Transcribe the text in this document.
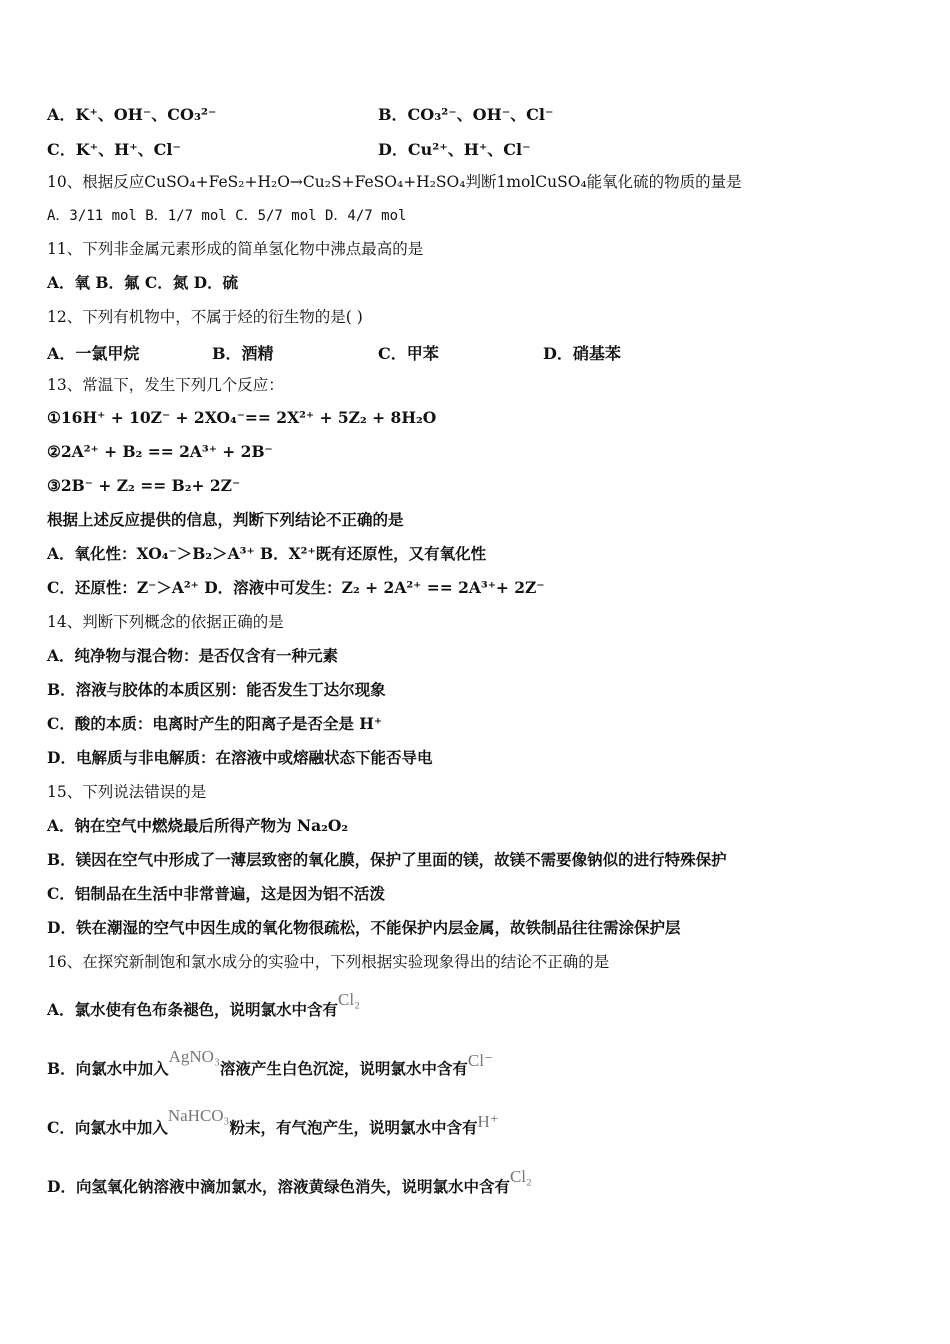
A．K⁺、OH⁻、CO₃²⁻	B．CO₃²⁻、OH⁻、Cl⁻
C．K⁺、H⁺、Cl⁻	D．Cu²⁺、H⁺、Cl⁻
10、根据反应CuSO₄+FeS₂+H₂O→Cu₂S+FeSO₄+H₂SO₄判断1molCuSO₄能氧化硫的物质的量是
A．3/11 mol B．1/7 mol C．5/7 mol D．4/7 mol
11、下列非金属元素形成的简单氢化物中沸点最高的是
A．氧 B．氟 C．氮 D．硫
12、下列有机物中，不属于烃的衍生物的是( )
A．一氯甲烷	B．酒精	C．甲苯	D．硝基苯
13、常温下，发生下列几个反应：
①16H⁺ + 10Z⁻ + 2XO₄⁻== 2X²⁺ + 5Z₂ + 8H₂O
②2A²⁺ + B₂ == 2A³⁺ + 2B⁻
③2B⁻ + Z₂ == B₂+ 2Z⁻
根据上述反应提供的信息，判断下列结论不正确的是
A．氧化性：XO₄⁻＞B₂＞A³⁺ B．X²⁺既有还原性，又有氧化性
C．还原性：Z⁻＞A²⁺ D．溶液中可发生：Z₂ + 2A²⁺ == 2A³⁺+ 2Z⁻
14、判断下列概念的依据正确的是
A．纯净物与混合物：是否仅含有一种元素
B．溶液与胶体的本质区别：能否发生丁达尔现象
C．酸的本质：电离时产生的阳离子是否全是 H⁺
D．电解质与非电解质：在溶液中或熔融状态下能否导电
15、下列说法错误的是
A．钠在空气中燃烧最后所得产物为 Na₂O₂
B．镁因在空气中形成了一薄层致密的氧化膜，保护了里面的镁，故镁不需要像钠似的进行特殊保护
C．铝制品在生活中非常普遍，这是因为铝不活泼
D．铁在潮湿的空气中因生成的氧化物很疏松，不能保护内层金属，故铁制品往往需涂保护层
16、在探究新制饱和氯水成分的实验中，下列根据实验现象得出的结论不正确的是
A．氯水使有色布条褪色，说明氯水中含有Cl₂
B．向氯水中加入AgNO₃溶液产生白色沉淀，说明氯水中含有Cl⁻
C．向氯水中加入NaHCO₃粉末，有气泡产生，说明氯水中含有H⁺
D．向氢氧化钠溶液中滴加氯水，溶液黄绿色消失，说明氯水中含有Cl₂
